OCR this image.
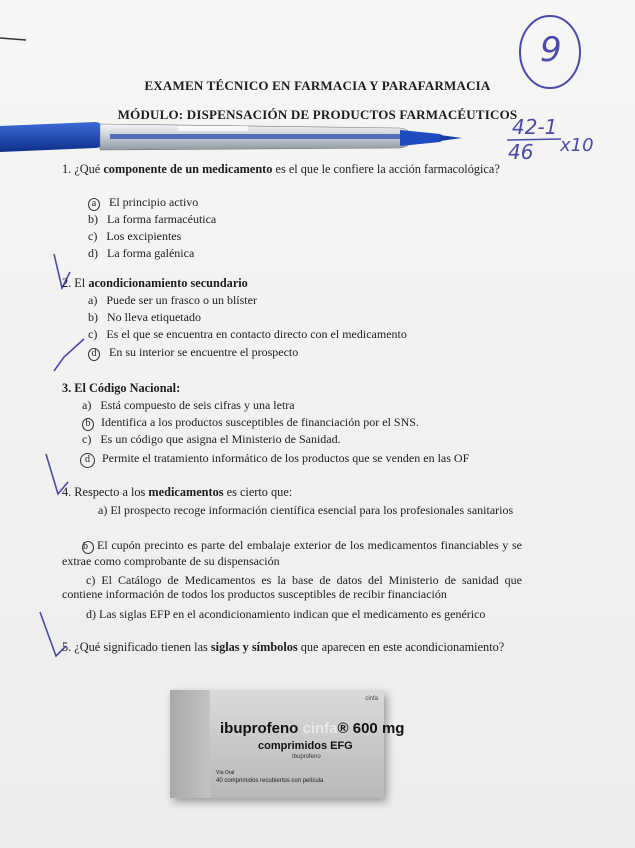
EXAMEN TÉCNICO EN FARMACIA Y PARAFARMACIA
MÓDULO: DISPENSACIÓN DE PRODUCTOS FARMACÉUTICOS
9
42-1
46 x10
1. ¿Qué componente de un medicamento es el que le confiere la acción farmacológica?
a El principio activo
b) La forma farmacéutica
c) Los excipientes
d) La forma galénica
2. El acondicionamiento secundario
a) Puede ser un frasco o un blíster
b) No lleva etiquetado
c) Es el que se encuentra en contacto directo con el medicamento
d En su interior se encuentre el prospecto
3. El Código Nacional:
a) Está compuesto de seis cifras y una letra
b Identifica a los productos susceptibles de financiación por el SNS.
c) Es un código que asigna el Ministerio de Sanidad.
d Permite el tratamiento informático de los productos que se venden en las OF
4. Respecto a los medicamentos es cierto que:
a) El prospecto recoge información científica esencial para los profesionales sanitarios
b El cupón precinto es parte del embalaje exterior de los medicamentos financiables y se extrae como comprobante de su dispensación
c) El Catálogo de Medicamentos es la base de datos del Ministerio de sanidad que contiene información de todos los productos susceptibles de recibir financiación
d) Las siglas EFP en el acondicionamiento indican que el medicamento es genérico
5. ¿Qué significado tienen las siglas y símbolos que aparecen en este acondicionamiento?
cinfa
ibuprofeno cinfa® 600 mg
comprimidos EFG
Ibuprofeno
Vía Oral
40 comprimidos recubiertos con película
